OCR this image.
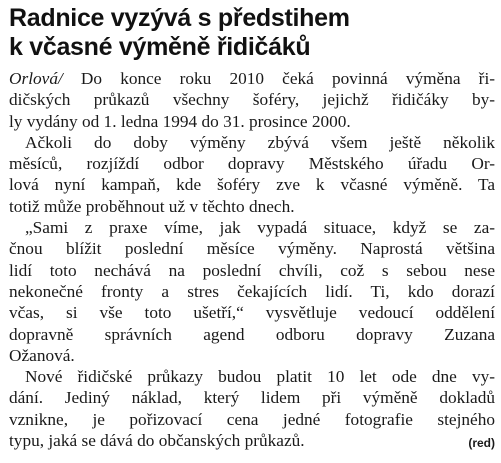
Radnice vyzývá s předstihem
k včasné výměně řidičáků

Orlová/ Do konce roku 2010 čeká povinná výměna ři-
dičských průkazů všechny šoféry, jejichž řidičáky by-
ly vydány od 1. ledna 1994 do 31. prosince 2000.

Ačkoli do doby výměny zbývá všem ještě několik
měsíců, rozjíždí odbor dopravy Městského úřadu Or-
lová nyní kampaň, kde šoféry zve k včasné výměně. Ta
totiž může proběhnout už v těchto dnech.

„Sami z praxe víme, jak vypadá situace, když se za-
čnou blížit poslední měsíce výměny. Naprostá většina
lidí toto nechává na poslední chvíli, což s sebou nese
nekonečné fronty a stres čekajících lidí. Ti, kdo dorazí
včas, si vše toto ušetří,“ vysvětluje vedoucí oddělení
dopravně správních agend odboru dopravy Zuzana
Ožanová.

Nové řidičské průkazy budou platit 10 let ode dne vy-
dání. Jediný náklad, který lidem při výměně dokladů
vznikne, je pořizovací cena jedné fotografie stejného
typu, jaká se dává do občanských průkazů.	(red)
